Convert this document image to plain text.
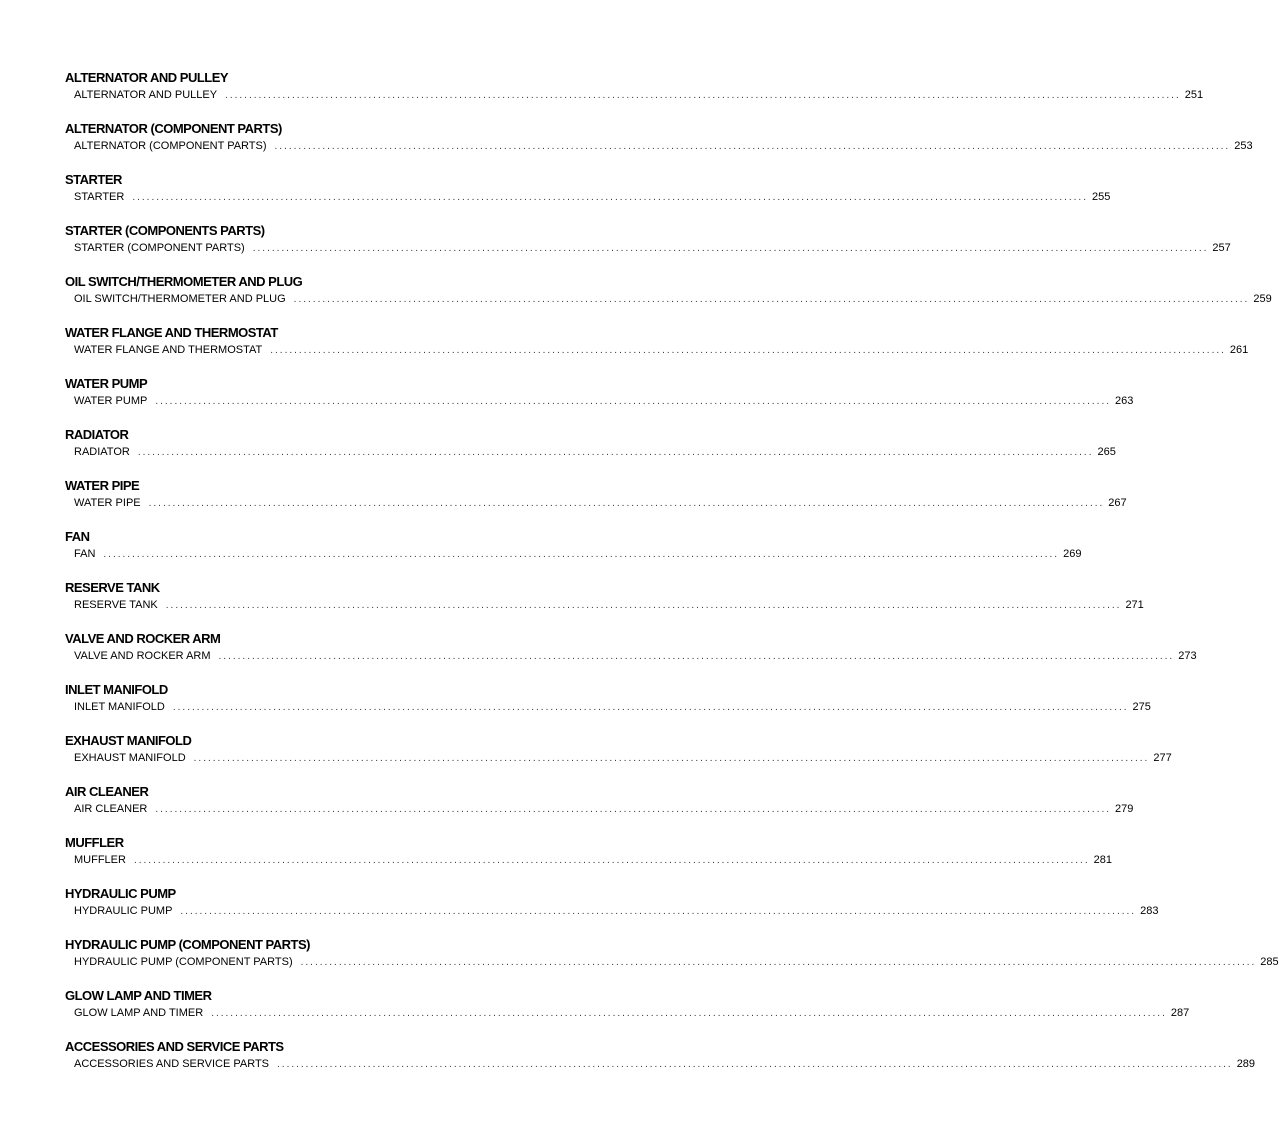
ALTERNATOR AND PULLEY
ALTERNATOR AND PULLEY ........................................................................................................................................................................................................ 251
ALTERNATOR (COMPONENT PARTS)
ALTERNATOR (COMPONENT PARTS) ........................................................................................................................................................................................................ 253
STARTER
STARTER ........................................................................................................................................................................................................ 255
STARTER (COMPONENTS PARTS)
STARTER (COMPONENT PARTS) ........................................................................................................................................................................................................ 257
OIL SWITCH/THERMOMETER AND PLUG
OIL SWITCH/THERMOMETER AND PLUG ........................................................................................................................................................................................................ 259
WATER FLANGE AND THERMOSTAT
WATER FLANGE AND THERMOSTAT ........................................................................................................................................................................................................ 261
WATER PUMP
WATER PUMP ........................................................................................................................................................................................................ 263
RADIATOR
RADIATOR ........................................................................................................................................................................................................ 265
WATER PIPE
WATER PIPE ........................................................................................................................................................................................................ 267
FAN
FAN ........................................................................................................................................................................................................ 269
RESERVE TANK
RESERVE TANK ........................................................................................................................................................................................................ 271
VALVE AND ROCKER ARM
VALVE AND ROCKER ARM ........................................................................................................................................................................................................ 273
INLET MANIFOLD
INLET MANIFOLD ........................................................................................................................................................................................................ 275
EXHAUST MANIFOLD
EXHAUST MANIFOLD ........................................................................................................................................................................................................ 277
AIR CLEANER
AIR CLEANER ........................................................................................................................................................................................................ 279
MUFFLER
MUFFLER ........................................................................................................................................................................................................ 281
HYDRAULIC PUMP
HYDRAULIC PUMP ........................................................................................................................................................................................................ 283
HYDRAULIC PUMP (COMPONENT PARTS)
HYDRAULIC PUMP (COMPONENT PARTS) ........................................................................................................................................................................................................ 285
GLOW LAMP AND TIMER
GLOW LAMP AND TIMER ........................................................................................................................................................................................................ 287
ACCESSORIES AND SERVICE PARTS
ACCESSORIES AND SERVICE PARTS ........................................................................................................................................................................................................ 289
